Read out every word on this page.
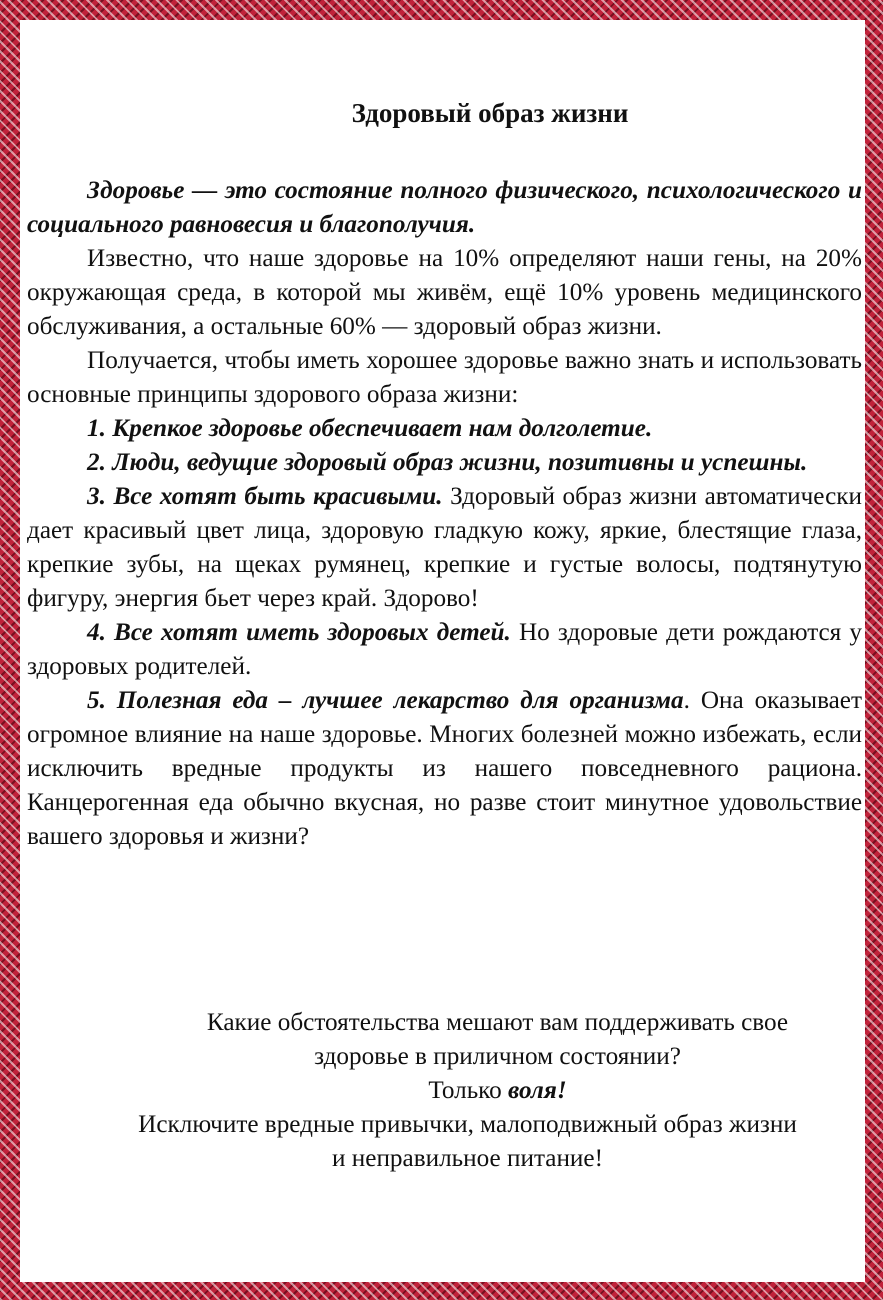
Здоровый образ жизни

Здоровье — это состояние полного физического, психологического и социального равновесия и благополучия.

Известно, что наше здоровье на 10% определяют наши гены, на 20% окружающая среда, в которой мы живём, ещё 10% уровень медицинского обслуживания, а остальные 60% — здоровый образ жизни.

Получается, чтобы иметь хорошее здоровье важно знать и использовать основные принципы здорового образа жизни:

1. Крепкое здоровье обеспечивает нам долголетие.

2. Люди, ведущие здоровый образ жизни, позитивны и успешны.

3. Все хотят быть красивыми. Здоровый образ жизни автоматически дает красивый цвет лица, здоровую гладкую кожу, яркие, блестящие глаза, крепкие зубы, на щеках румянец, крепкие и густые волосы, подтянутую фигуру, энергия бьет через край. Здорово!

4. Все хотят иметь здоровых детей. Но здоровые дети рождаются у здоровых родителей.

5. Полезная еда – лучшее лекарство для организма. Она оказывает огромное влияние на наше здоровье. Многих болезней можно избежать, если исключить вредные продукты из нашего повседневного рациона. Канцерогенная еда обычно вкусная, но разве стоит минутное удовольствие вашего здоровья и жизни?

Какие обстоятельства мешают вам поддерживать свое

здоровье в приличном состоянии?

Только воля!

Исключите вредные привычки, малоподвижный образ жизни

и неправильное питание!
